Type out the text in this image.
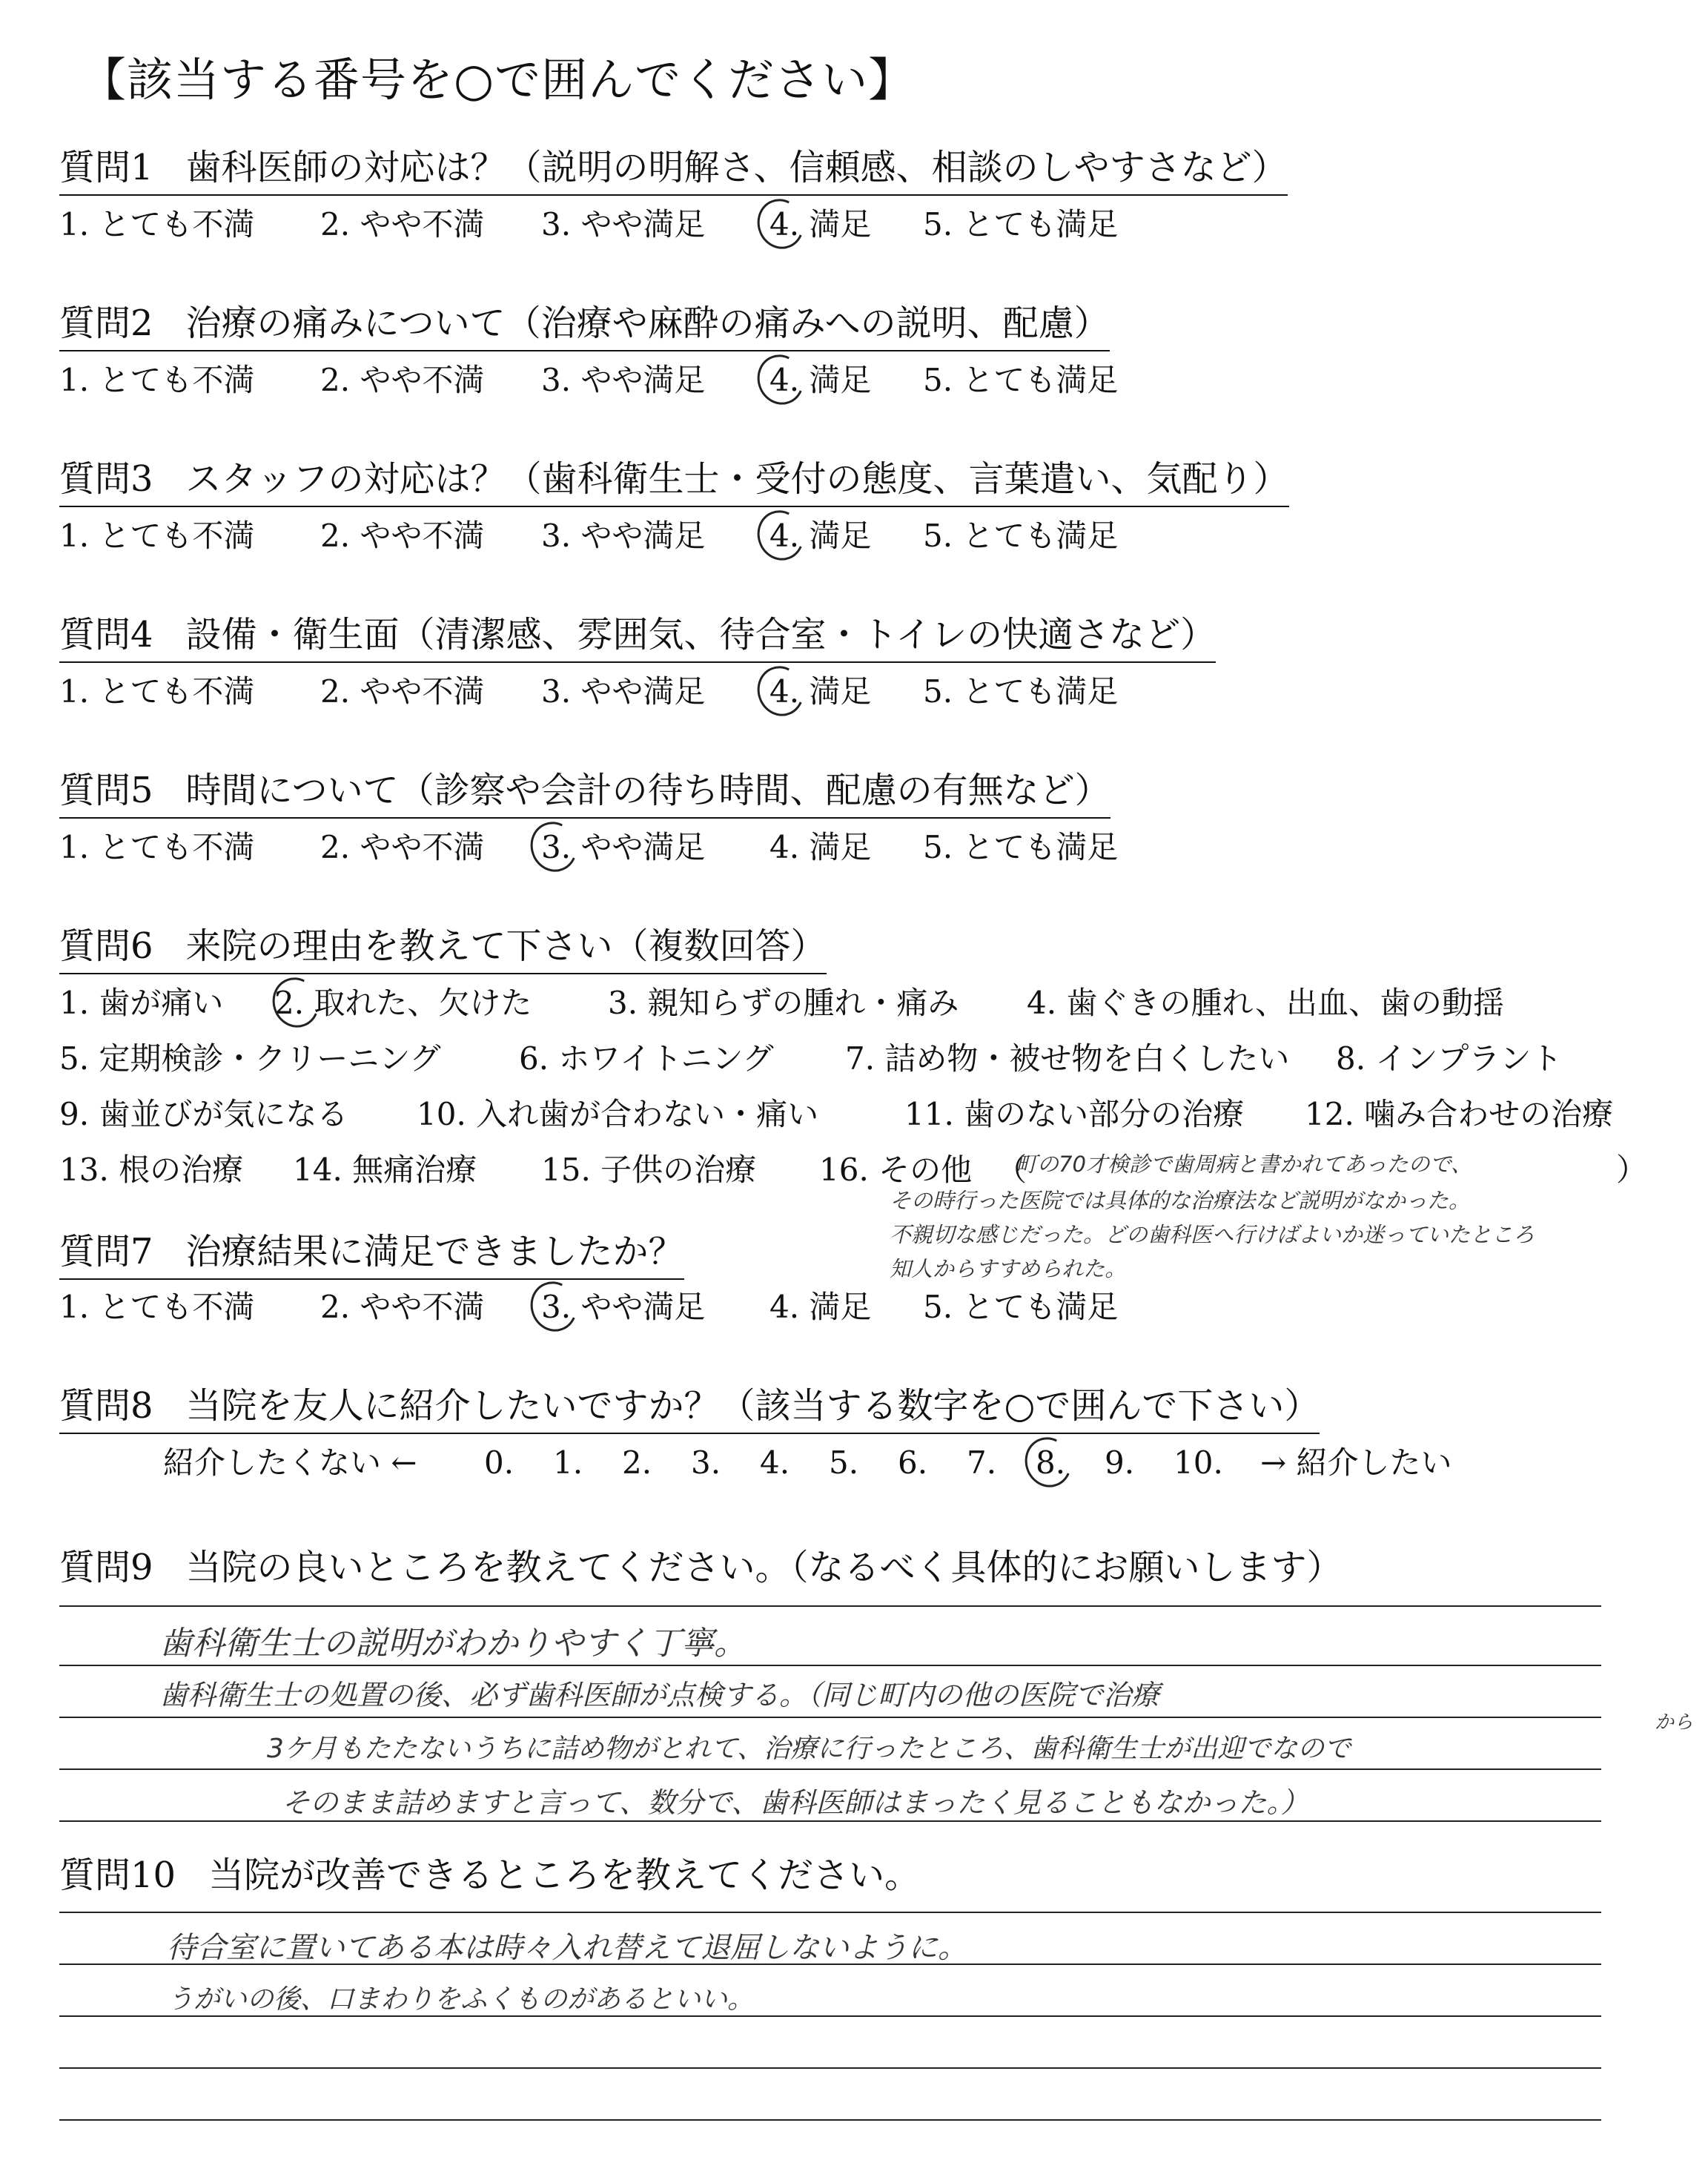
【該当する番号を○で囲んでください】
質問1 歯科医師の対応は？（説明の明解さ、信頼感、相談のしやすさなど）
1. とても不満 2. やや不満 3. やや満足 4. 満足 5. とても満足
質問2 治療の痛みについて（治療や麻酔の痛みへの説明、配慮）
1. とても不満 2. やや不満 3. やや満足 4. 満足 5. とても満足
質問3 スタッフの対応は？（歯科衛生士・受付の態度、言葉遣い、気配り）
1. とても不満 2. やや不満 3. やや満足 4. 満足 5. とても満足
質問4 設備・衛生面（清潔感、雰囲気、待合室・トイレの快適さなど）
1. とても不満 2. やや不満 3. やや満足 4. 満足 5. とても満足
質問5 時間について（診察や会計の待ち時間、配慮の有無など）
1. とても不満 2. やや不満 3. やや満足 4. 満足 5. とても満足
質問6 来院の理由を教えて下さい（複数回答）
1. 歯が痛い 2. 取れた、欠けた 3. 親知らずの腫れ・痛み 4. 歯ぐきの腫れ、出血、歯の動揺
5. 定期検診・クリーニング	6. ホワイトニング 7. 詰め物・被せ物を白くしたい 8. インプラント
9. 歯並びが気になる 10. 入れ歯が合わない・痛い	11. 歯のない部分の治療 12. 噛み合わせの治療
13. 根の治療 14. 無痛治療 15. 子供の治療 16. その他 （	）
町の70才検診で歯周病と書かれてあったので、
その時行った医院では具体的な治療法など説明がなかった。
不親切な感じだった。どの歯科医へ行けばよいか迷っていたところ
知人からすすめられた。
質問7 治療結果に満足できましたか？
1. とても不満 2. やや不満 3. やや満足 4. 満足 5. とても満足
質問8 当院を友人に紹介したいですか？（該当する数字を○で囲んで下さい）
紹介したくない ← 0. 1. 2. 3. 4. 5. 6. 7. 8. 9. 10. → 紹介したい
質問9 当院の良いところを教えてください。（なるべく具体的にお願いします）
歯科衛生士の説明がわかりやすく丁寧。
歯科衛生士の処置の後、必ず歯科医師が点検する。（同じ町内の他の医院で治療
3ケ月もたたないうちに詰め物がとれて、治療に行ったところ、歯科衛生士が出迎でなので
から
そのまま詰めますと言って、数分で、歯科医師はまったく見ることもなかった。）
質問10 当院が改善できるところを教えてください。
待合室に置いてある本は時々入れ替えて退屈しないように。
うがいの後、口まわりをふくものがあるといい。
